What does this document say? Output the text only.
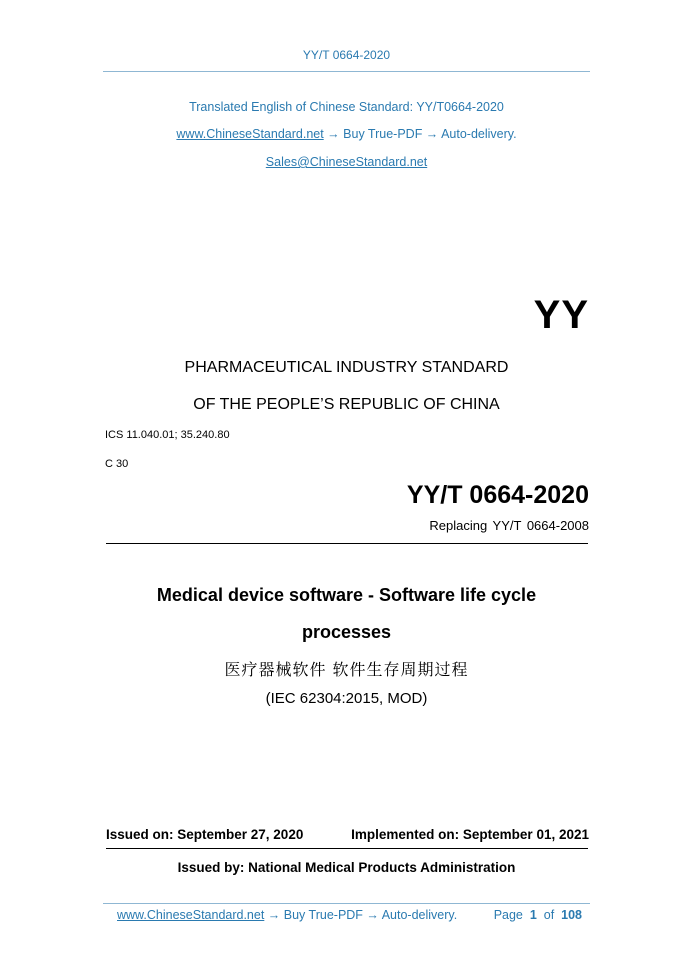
YY/T 0664-2020
Translated English of Chinese Standard: YY/T0664-2020
www.ChineseStandard.net → Buy True-PDF → Auto-delivery.
Sales@ChineseStandard.net
YY
PHARMACEUTICAL INDUSTRY STANDARD
OF THE PEOPLE’S REPUBLIC OF CHINA
ICS 11.040.01; 35.240.80
C 30
YY/T 0664-2020
Replacing YY/T 0664-2008
Medical device software - Software life cycle
processes
医疗器械软件 软件生存周期过程
(IEC 62304:2015, MOD)
Issued on: September 27, 2020	Implemented on: September 01, 2021
Issued by: National Medical Products Administration
www.ChineseStandard.net → Buy True-PDF → Auto-delivery.	Page 1 of 108
